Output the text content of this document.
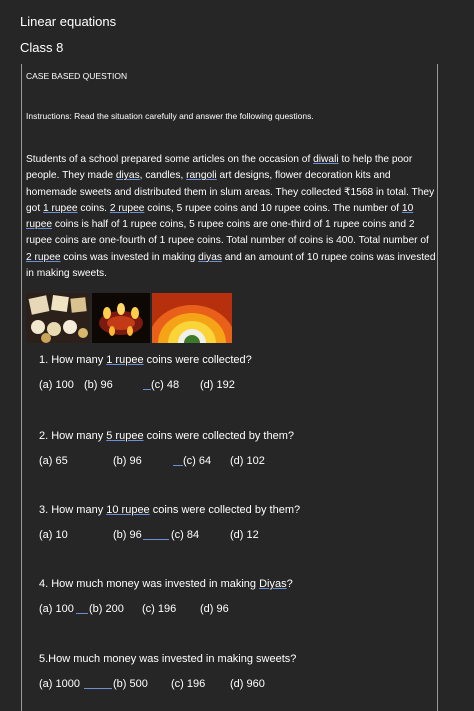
Linear equations
Class 8
CASE BASED QUESTION
Instructions: Read the situation carefully and answer the following questions.

Students of a school prepared some articles on the occasion of diwali to help the poor people. They made diyas, candles, rangoli art designs, flower decoration kits and homemade sweets and distributed them in slum areas. They collected ₹1568 in total. They got 1 rupee coins. 2 rupee coins, 5 rupee coins and 10 rupee coins. The number of 10 rupee coins is half of 1 rupee coins, 5 rupee coins are one-third of 1 rupee coins and 2 rupee coins are one-fourth of 1 rupee coins. Total number of coins is 400. Total number of 2 rupee coins was invested in making diyas and an amount of 10 rupee coins was invested in making sweets.

1. How many 1 rupee coins were collected?
(a) 100 (b) 96	(c) 48 (d) 192
2. How many 5 rupee coins were collected by them?
(a) 65	(b) 96	(c) 64 (d) 102
3. How many 10 rupee coins were collected by them?
(a) 10	(b) 96	(c) 84	(d) 12
4. How much money was invested in making Diyas?
(a) 100 (b) 200 (c) 196 (d) 96
5.How much money was invested in making sweets?
(a) 1000	(b) 500 (c) 196 (d) 960
